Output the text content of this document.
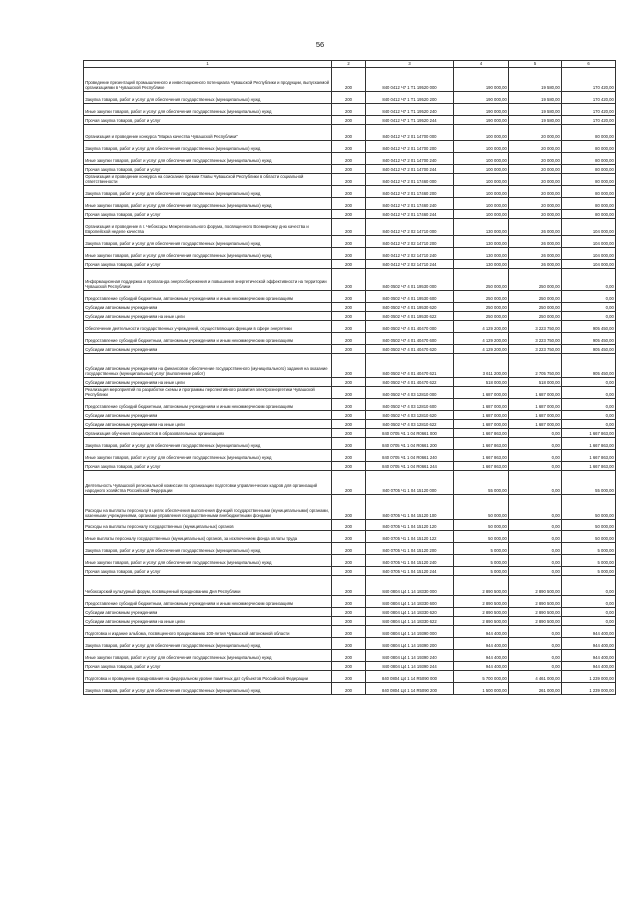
56
1	2	3	4	5	6
Проведение презентаций промышленного и инвестиционного потенциала Чувашской Республики и продукции, выпускаемой организациями в Чувашской Республике	200	840 0412 Ч7 1 Т1 19520 000	190 000,00	19 580,00	170 420,00
Закупка товаров, работ и услуг для обеспечения государственных (муниципальных) нужд	200	840 0412 Ч7 1 Т1 19520 200	190 000,00	19 580,00	170 420,00
Иные закупки товаров, работ и услуг для обеспечения государственных (муниципальных) нужд	200	840 0412 Ч7 1 Т1 19520 240	190 000,00	19 580,00	170 420,00
Прочая закупка товаров, работ и услуг	200	840 0412 Ч7 1 Т1 19520 244	190 000,00	19 580,00	170 420,00
Организация и проведение конкурса "Марка качества Чувашской Республики"	200	840 0412 Ч7 2 01 14700 000	100 000,00	20 000,00	80 000,00
Закупка товаров, работ и услуг для обеспечения государственных (муниципальных) нужд	200	840 0412 Ч7 2 01 14700 200	100 000,00	20 000,00	80 000,00
Иные закупки товаров, работ и услуг для обеспечения государственных (муниципальных) нужд	200	840 0412 Ч7 2 01 14700 240	100 000,00	20 000,00	80 000,00
Прочая закупка товаров, работ и услуг	200	840 0412 Ч7 2 01 14700 244	100 000,00	20 000,00	80 000,00
Организация и проведение конкурса на соискание премии Главы Чувашской Республики в области социальной ответственности	200	840 0412 Ч7 2 01 17460 000	100 000,00	20 000,00	80 000,00
Закупка товаров, работ и услуг для обеспечения государственных (муниципальных) нужд	200	840 0412 Ч7 2 01 17460 200	100 000,00	20 000,00	80 000,00
Иные закупки товаров, работ и услуг для обеспечения государственных (муниципальных) нужд	200	840 0412 Ч7 2 01 17460 240	100 000,00	20 000,00	80 000,00
Прочая закупка товаров, работ и услуг	200	840 0412 Ч7 2 01 17460 244	100 000,00	20 000,00	80 000,00
Организация и проведение в г. Чебоксары Межрегионального форума, посвященного Всемирному дню качества и Европейской неделе качества	200	840 0412 Ч7 2 02 14710 000	130 000,00	26 000,00	104 000,00
Закупка товаров, работ и услуг для обеспечения государственных (муниципальных) нужд	200	840 0412 Ч7 2 02 14710 200	130 000,00	26 000,00	104 000,00
Иные закупки товаров, работ и услуг для обеспечения государственных (муниципальных) нужд	200	840 0412 Ч7 2 02 14710 240	130 000,00	26 000,00	104 000,00
Прочая закупка товаров, работ и услуг	200	840 0412 Ч7 2 02 14710 244	130 000,00	26 000,00	104 000,00
Информационная поддержка и пропаганда энергосбережения и повышения энергетической эффективности на территории Чувашской Республики	200	840 0502 Ч7 4 01 19530 000	250 000,00	250 000,00	0,00
Предоставление субсидий бюджетным, автономным учреждениям и иным некоммерческим организациям	200	840 0502 Ч7 4 01 19530 600	250 000,00	250 000,00	0,00
Субсидии автономным учреждениям	200	840 0502 Ч7 4 01 19530 620	250 000,00	250 000,00	0,00
Субсидии автономным учреждениям на иные цели	200	840 0502 Ч7 4 01 19530 622	250 000,00	250 000,00	0,00
Обеспечение деятельности государственных учреждений, осуществляющих функции в сфере энергетики	200	840 0502 Ч7 4 01 40470 000	4 129 200,00	3 223 750,00	905 450,00
Предоставление субсидий бюджетным, автономным учреждениям и иным некоммерческим организациям	200	840 0502 Ч7 4 01 40470 600	4 129 200,00	3 223 750,00	905 450,00
Субсидии автономным учреждениям	200	840 0502 Ч7 4 01 40470 620	4 129 200,00	3 223 750,00	905 450,00
Субсидии автономным учреждениям на финансовое обеспечение государственного (муниципального) задания на оказание государственных (муниципальных) услуг (выполнение работ)	200	840 0502 Ч7 4 01 40470 621	3 611 200,00	2 705 750,00	905 450,00
Субсидии автономным учреждениям на иные цели	200	840 0502 Ч7 4 01 40470 622	518 000,00	518 000,00	0,00
Реализация мероприятий по разработке схемы и программы перспективного развития электроэнергетики Чувашской Республики	200	840 0502 Ч7 4 03 12810 000	1 687 000,00	1 687 000,00	0,00
Предоставление субсидий бюджетным, автономным учреждениям и иным некоммерческим организациям	200	840 0502 Ч7 4 03 12810 600	1 687 000,00	1 687 000,00	0,00
Субсидии автономным учреждениям	200	840 0502 Ч7 4 03 12810 620	1 687 000,00	1 687 000,00	0,00
Субсидии автономным учреждениям на иные цели	200	840 0502 Ч7 4 03 12810 622	1 687 000,00	1 687 000,00	0,00
Организация обучения специалистов в образовательных организациях	200	840 0705 Ч1 1 04 R0661 000	1 667 863,00	0,00	1 667 863,00
Закупка товаров, работ и услуг для обеспечения государственных (муниципальных) нужд	200	840 0705 Ч1 1 04 R0661 200	1 667 863,00	0,00	1 667 863,00
Иные закупки товаров, работ и услуг для обеспечения государственных (муниципальных) нужд	200	840 0705 Ч1 1 04 R0661 240	1 667 863,00	0,00	1 667 863,00
Прочая закупка товаров, работ и услуг	200	840 0705 Ч1 1 04 R0661 244	1 667 863,00	0,00	1 667 863,00
Деятельность Чувашской региональной комиссии по организации подготовки управленческих кадров для организаций народного хозяйства Российской Федерации	200	840 0705 Ч1 1 04 15120 000	55 000,00	0,00	55 000,00
Расходы на выплаты персоналу в целях обеспечения выполнения функций государственными (муниципальными) органами, казенными учреждениями, органами управления государственными внебюджетными фондами	200	840 0705 Ч1 1 04 15120 100	50 000,00	0,00	50 000,00
Расходы на выплаты персоналу государственных (муниципальных) органов	200	840 0705 Ч1 1 04 15120 120	50 000,00	0,00	50 000,00
Иные выплаты персоналу государственных (муниципальных) органов, за исключением фонда оплаты труда	200	840 0705 Ч1 1 04 15120 122	50 000,00	0,00	50 000,00
Закупка товаров, работ и услуг для обеспечения государственных (муниципальных) нужд	200	840 0705 Ч1 1 04 15120 200	5 000,00	0,00	5 000,00
Иные закупки товаров, работ и услуг для обеспечения государственных (муниципальных) нужд	200	840 0705 Ч1 1 04 15120 240	5 000,00	0,00	5 000,00
Прочая закупка товаров, работ и услуг	200	840 0705 Ч1 1 04 15120 244	5 000,00	0,00	5 000,00
Чебоксарский культурный форум, посвященный празднованию Дня Республики	200	840 0804 Ц4 1 14 18330 000	2 890 500,00	2 890 500,00	0,00
Предоставление субсидий бюджетным, автономным учреждениям и иным некоммерческим организациям	200	840 0804 Ц4 1 14 18330 600	2 890 500,00	2 890 500,00	0,00
Субсидии автономным учреждениям	200	840 0804 Ц4 1 14 18330 620	2 890 500,00	2 890 500,00	0,00
Субсидии автономным учреждениям на иные цели	200	840 0804 Ц4 1 14 18330 622	2 890 500,00	2 890 500,00	0,00
Подготовка и издание альбома, посвященного празднованию 100-летия Чувашской автономной области	200	840 0804 Ц4 1 14 19390 000	944 400,00	0,00	944 400,00
Закупка товаров, работ и услуг для обеспечения государственных (муниципальных) нужд	200	840 0804 Ц4 1 14 19390 200	944 400,00	0,00	944 400,00
Иные закупки товаров, работ и услуг для обеспечения государственных (муниципальных) нужд	200	840 0804 Ц4 1 14 19390 240	944 400,00	0,00	944 400,00
Прочая закупка товаров, работ и услуг	200	840 0804 Ц4 1 14 19390 244	944 400,00	0,00	944 400,00
Подготовка и проведение празднования на федеральном уровне памятных дат субъектов Российской Федерации	200	840 0804 Ц4 1 14 R5090 000	5 700 000,00	4 461 000,00	1 239 000,00
Закупка товаров, работ и услуг для обеспечения государственных (муниципальных) нужд	200	840 0804 Ц4 1 14 R5090 200	1 500 000,00	261 000,00	1 239 000,00
